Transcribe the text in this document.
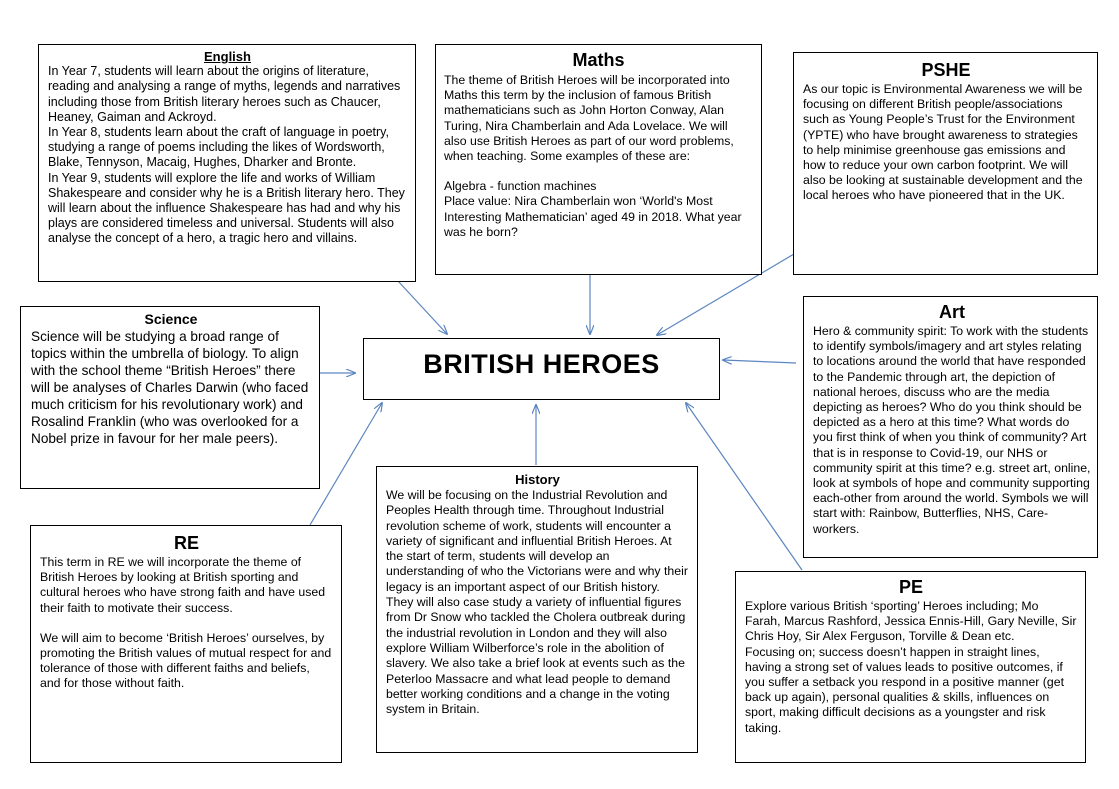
English
In Year 7, students will learn about the origins of literature, reading and analysing a range of myths, legends and narratives including those from British literary heroes such as Chaucer, Heaney, Gaiman and Ackroyd.
In Year 8, students learn about the craft of language in poetry, studying a range of poems including the likes of Wordsworth, Blake, Tennyson, Macaig, Hughes, Dharker and Bronte.
In Year 9, students will explore the life and works of William Shakespeare and consider why he is a British literary hero. They will learn about the influence Shakespeare has had and why his plays are considered timeless and universal. Students will also analyse the concept of a hero, a tragic hero and villains.
Maths
The theme of British Heroes will be incorporated into Maths this term by the inclusion of famous British mathematicians such as John Horton Conway, Alan Turing, Nira Chamberlain and Ada Lovelace. We will also use British Heroes as part of our word problems, when teaching. Some examples of these are:
Algebra - function machines
Place value: Nira Chamberlain won ‘World's Most Interesting Mathematician’ aged 49 in 2018. What year was he born?
PSHE
As our topic is Environmental Awareness we will be focusing on different British people/associations such as Young People’s Trust for the Environment (YPTE) who have brought awareness to strategies to help minimise greenhouse gas emissions and how to reduce your own carbon footprint. We will also be looking at sustainable development and the local heroes who have pioneered that in the UK.
BRITISH HEROES
Science
Science will be studying a broad range of topics within the umbrella of biology. To align with the school theme “British Heroes” there will be analyses of Charles Darwin (who faced much criticism for his revolutionary work) and Rosalind Franklin (who was overlooked for a Nobel prize in favour for her male peers).
Art
Hero & community spirit: To work with the students to identify symbols/imagery and art styles relating to locations around the world that have responded to the Pandemic through art, the depiction of national heroes, discuss who are the media depicting as heroes? Who do you think should be depicted as a hero at this time? What words do you first think of when you think of community? Art that is in response to Covid-19, our NHS or community spirit at this time? e.g. street art, online, look at symbols of hope and community supporting each-other from around the world. Symbols we will start with: Rainbow, Butterflies, NHS, Care-workers.
RE
This term in RE we will incorporate the theme of British Heroes by looking at British sporting and cultural heroes who have strong faith and have used their faith to motivate their success.
We will aim to become ‘British Heroes’ ourselves, by promoting the British values of mutual respect for and tolerance of those with different faiths and beliefs, and for those without faith.
History
We will be focusing on the Industrial Revolution and Peoples Health through time. Throughout Industrial revolution scheme of work, students will encounter a variety of significant and influential British Heroes. At the start of term, students will develop an understanding of who the Victorians were and why their legacy is an important aspect of our British history. They will also case study a variety of influential figures from Dr Snow who tackled the Cholera outbreak during the industrial revolution in London and they will also explore William Wilberforce’s role in the abolition of slavery. We also take a brief look at events such as the Peterloo Massacre and what lead people to demand better working conditions and a change in the voting system in Britain.
PE
Explore various British ‘sporting’ Heroes including; Mo Farah, Marcus Rashford, Jessica Ennis-Hill, Gary Neville, Sir Chris Hoy, Sir Alex Ferguson, Torville & Dean etc.
Focusing on; success doesn’t happen in straight lines, having a strong set of values leads to positive outcomes, if you suffer a setback you respond in a positive manner (get back up again), personal qualities & skills, influences on sport, making difficult decisions as a youngster and risk taking.
